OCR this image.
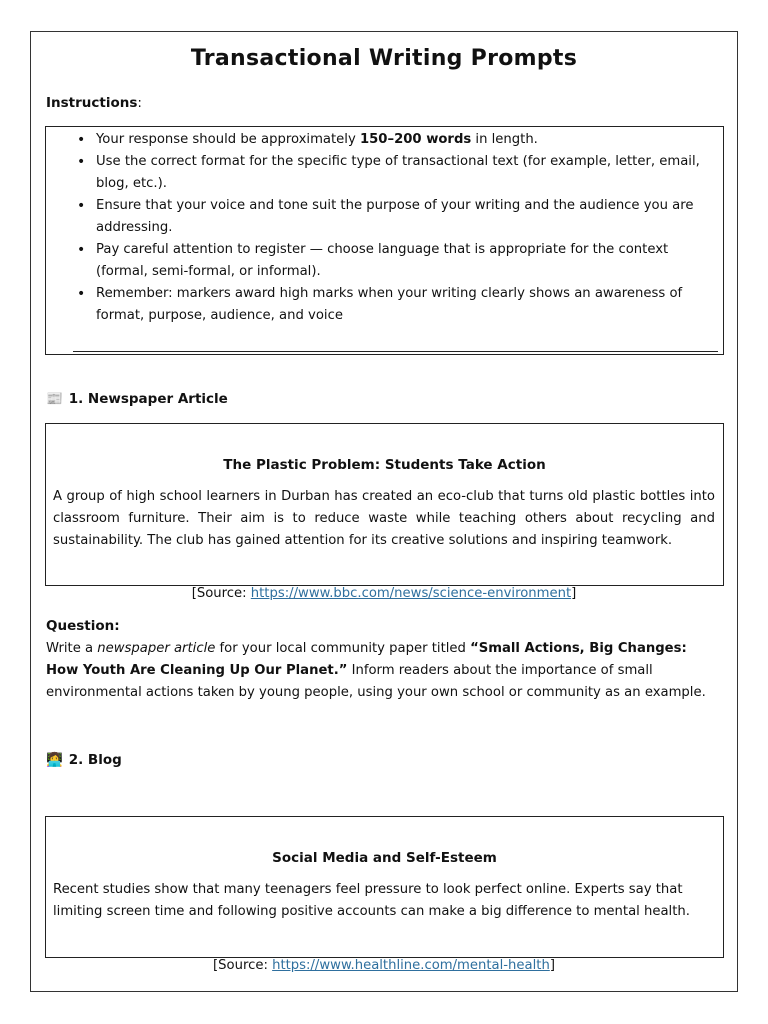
Transactional Writing Prompts
Instructions:
• Your response should be approximately 150–200 words in length.
• Use the correct format for the specific type of transactional text (for example, letter, email, blog, etc.).
• Ensure that your voice and tone suit the purpose of your writing and the audience you are addressing.
• Pay careful attention to register — choose language that is appropriate for the context (formal, semi-formal, or informal).
• Remember: markers award high marks when your writing clearly shows an awareness of format, purpose, audience, and voice
📰 1. Newspaper Article
The Plastic Problem: Students Take Action
A group of high school learners in Durban has created an eco-club that turns old plastic bottles into classroom furniture. Their aim is to reduce waste while teaching others about recycling and sustainability. The club has gained attention for its creative solutions and inspiring teamwork.
[Source: https://www.bbc.com/news/science-environment]
Question:
Write a newspaper article for your local community paper titled “Small Actions, Big Changes: How Youth Are Cleaning Up Our Planet.” Inform readers about the importance of small environmental actions taken by young people, using your own school or community as an example.
👩‍💻 2. Blog
Social Media and Self-Esteem
Recent studies show that many teenagers feel pressure to look perfect online. Experts say that limiting screen time and following positive accounts can make a big difference to mental health.
[Source: https://www.healthline.com/mental-health]
